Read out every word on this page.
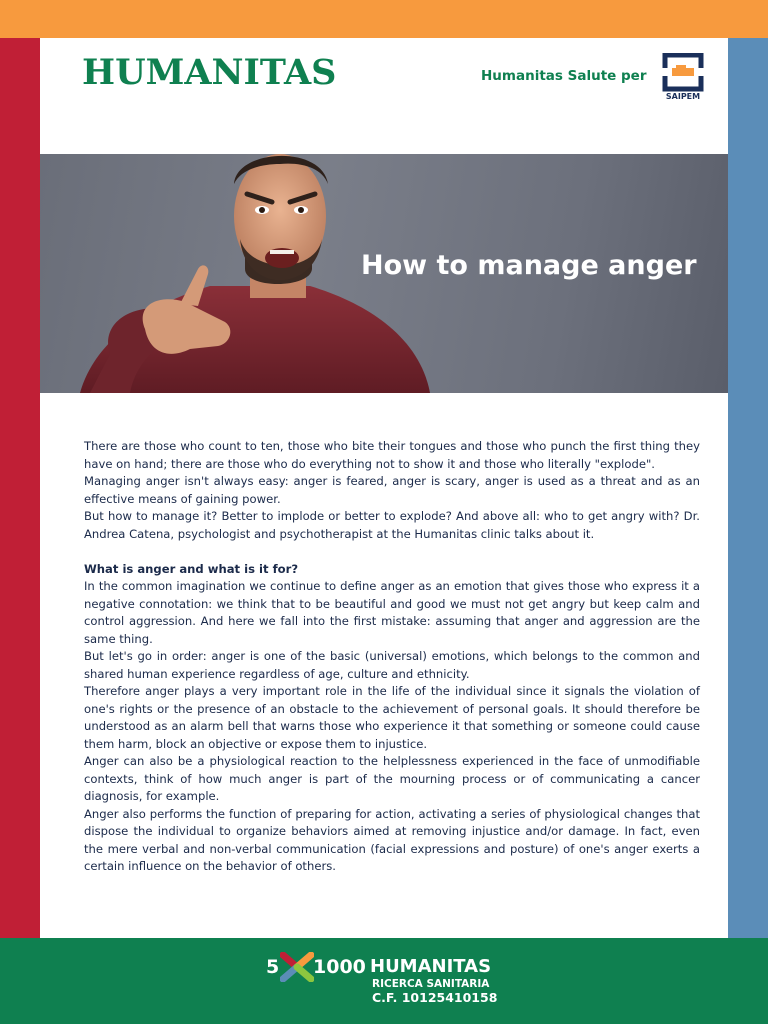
HUMANITAS	Humanitas Salute per
SAIPEM
How to manage anger

There are those who count to ten, those who bite their tongues and those who punch the first thing they have on hand; there are those who do everything not to show it and those who literally "explode".

Managing anger isn't always easy: anger is feared, anger is scary, anger is used as a threat and as an effective means of gaining power.

But how to manage it? Better to implode or better to explode? And above all: who to get angry with? Dr. Andrea Catena, psychologist and psychotherapist at the Humanitas clinic talks about it.

What is anger and what is it for?

In the common imagination we continue to define anger as an emotion that gives those who express it a negative connotation: we think that to be beautiful and good we must not get angry but keep calm and control aggression. And here we fall into the first mistake: assuming that anger and aggression are the same thing.

But let's go in order: anger is one of the basic (universal) emotions, which belongs to the common and shared human experience regardless of age, culture and ethnicity.

Therefore anger plays a very important role in the life of the individual since it signals the violation of one's rights or the presence of an obstacle to the achievement of personal goals. It should therefore be understood as an alarm bell that warns those who experience it that something or someone could cause them harm, block an objective or expose them to injustice.

Anger can also be a physiological reaction to the helplessness experienced in the face of unmodifiable contexts, think of how much anger is part of the mourning process or of communicating a cancer diagnosis, for example.

Anger also performs the function of preparing for action, activating a series of physiological changes that dispose the individual to organize behaviors aimed at removing injustice and/or damage. In fact, even the mere verbal and non-verbal communication (facial expressions and posture) of one's anger exerts a certain influence on the behavior of others.

5 1000 HUMANITAS
RICERCA SANITARIA
C.F. 10125410158
